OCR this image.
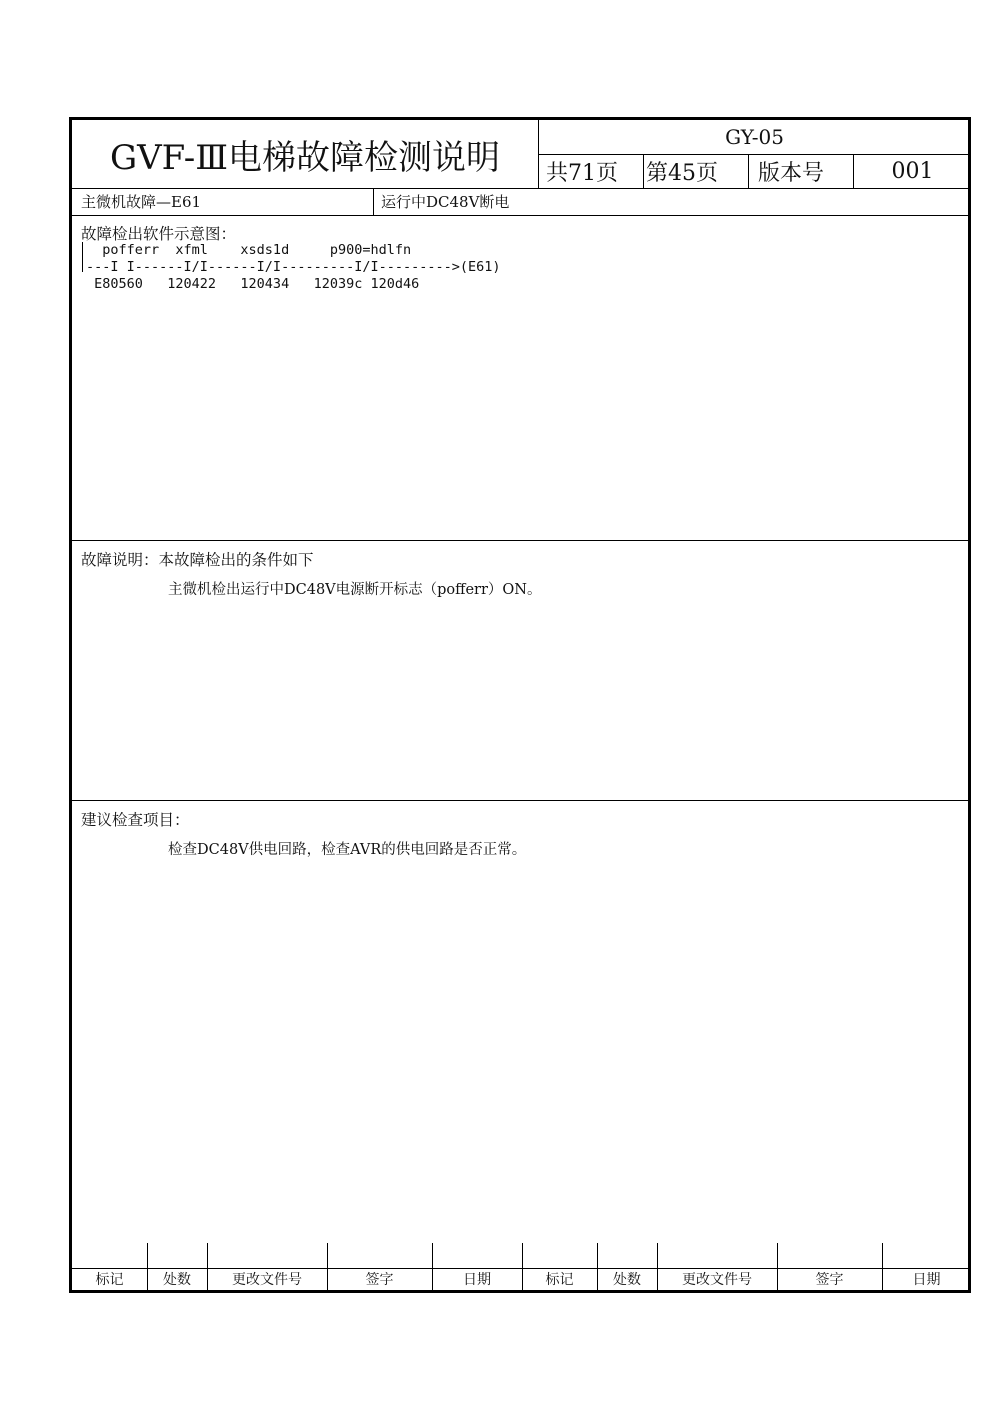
GVF-Ⅲ电梯故障检测说明
GY-05
共71页	第45页	版本号	001
主微机故障—E61	运行中DC48V断电
故障检出软件示意图：
pofferr  xfml    xsds1d     p900=hdlfn
---I I------I/I------I/I---------I/I--------->(E61)
E80560   120422   120434   12039c 120d46
故障说明：本故障检出的条件如下
主微机检出运行中DC48V电源断开标志（pofferr）ON。
建议检查项目：
检查DC48V供电回路，检查AVR的供电回路是否正常。
标记	处数	更改文件号	签字	日期	标记	处数	更改文件号	签字	日期
